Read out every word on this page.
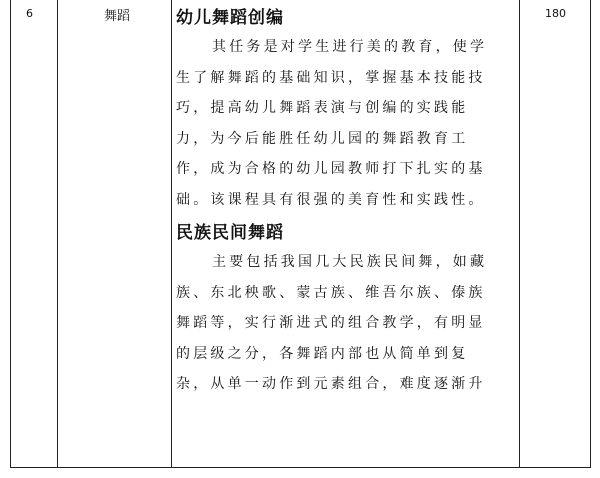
6	舞蹈	180
幼儿舞蹈创编
其任务是对学生进行美的教育，使学
生了解舞蹈的基础知识，掌握基本技能技
巧，提高幼儿舞蹈表演与创编的实践能
力，为今后能胜任幼儿园的舞蹈教育工
作，成为合格的幼儿园教师打下扎实的基
础。该课程具有很强的美育性和实践性。
民族民间舞蹈
主要包括我国几大民族民间舞，如藏
族、东北秧歌、蒙古族、维吾尔族、傣族
舞蹈等，实行渐进式的组合教学，有明显
的层级之分，各舞蹈内部也从简单到复
杂，从单一动作到元素组合，难度逐渐升
